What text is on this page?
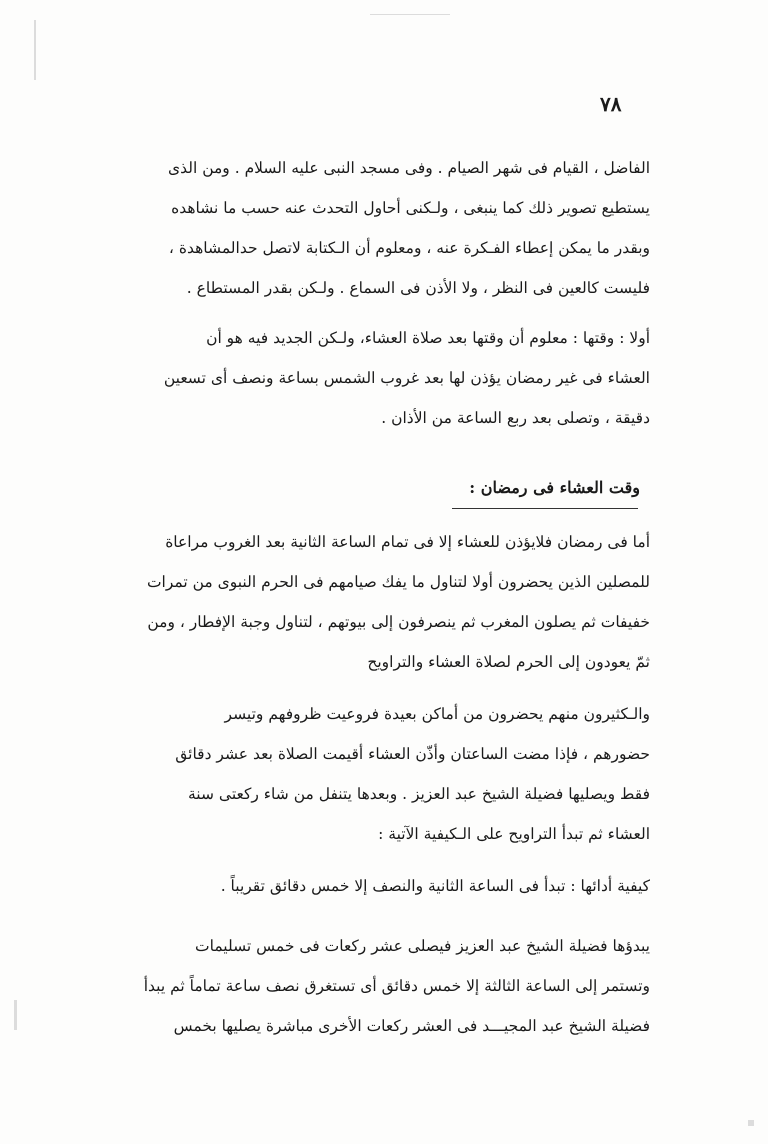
٧٨
الفاضل ، القيام فى شهر الصيام . وفى مسجد النبى عليه السلام . ومن الذى
يستطيع تصوير ذلك كما ينبغى ، ولـكنى أحاول التحدث عنه حسب ما نشاهده
وبقدر ما يمكن إعطاء الفـكرة عنه ، ومعلوم أن الـكتابة لاتصل حدالمشاهدة ،
فليست كالعين فى النظر ، ولا الأذن فى السماع . ولـكن بقدر المستطاع .
أولا : وقتها : معلوم أن وقتها بعد صلاة العشاء، ولـكن الجديد فيه هو أن
العشاء فى غير رمضان يؤذن لها بعد غروب الشمس بساعة ونصف أى تسعين
دقيقة ، وتصلى بعد ربع الساعة من الأذان .
وقت العشاء فى رمضان :
أما فى رمضان فلايؤذن للعشاء إلا فى تمام الساعة الثانية بعد الغروب مراعاة
للمصلين الذين يحضرون أولا لتناول ما يفك صيامهم فى الحرم النبوى من تمرات
خفيفات ثم يصلون المغرب ثم ينصرفون إلى بيوتهم ، لتناول وجبة الإفطار ، ومن
ثمّ يعودون إلى الحرم لصلاة العشاء والتراويح
والـكثيرون منهم يحضرون من أماكن بعيدة فروعيت ظروفهم وتيسر
حضورهم ، فإذا مضت الساعتان وأذّن العشاء أقيمت الصلاة بعد عشر دقائق
فقط ويصليها فضيلة الشيخ عبد العزيز . وبعدها يتنفل من شاء ركعتى سنة
العشاء ثم تبدأ التراويح على الـكيفية الآتية :
كيفية أدائها : تبدأ فى الساعة الثانية والنصف إلا خمس دقائق تقريباً .
يبدؤها فضيلة الشيخ عبد العزيز فيصلى عشر ركعات فى خمس تسليمات
وتستمر إلى الساعة الثالثة إلا خمس دقائق أى تستغرق نصف ساعة تماماً ثم يبدأ
فضيلة الشيخ عبد المجيـــد فى العشر ركعات الأخرى مباشرة يصليها بخمس
